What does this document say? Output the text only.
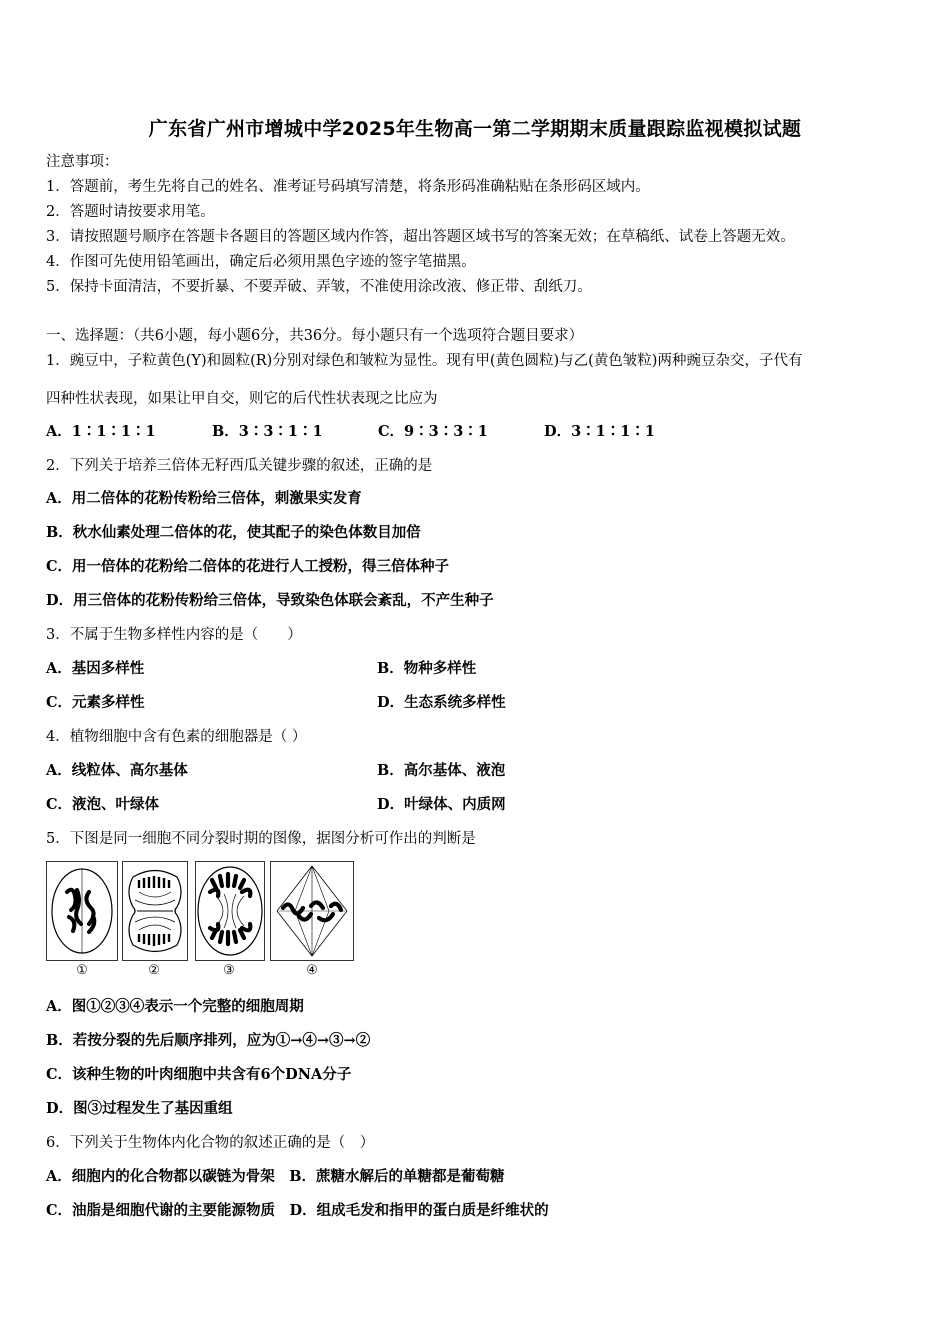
广东省广州市增城中学2025年生物高一第二学期期末质量跟踪监视模拟试题
注意事项：
1．答题前，考生先将自己的姓名、准考证号码填写清楚，将条形码准确粘贴在条形码区域内。
2．答题时请按要求用笔。
3．请按照题号顺序在答题卡各题目的答题区域内作答，超出答题区域书写的答案无效；在草稿纸、试卷上答题无效。
4．作图可先使用铅笔画出，确定后必须用黑色字迹的签字笔描黑。
5．保持卡面清洁，不要折暴、不要弄破、弄皱，不准使用涂改液、修正带、刮纸刀。
一、选择题：（共6小题，每小题6分，共36分。每小题只有一个选项符合题目要求）
1．豌豆中，子粒黄色(Y)和圆粒(R)分别对绿色和皱粒为显性。现有甲(黄色圆粒)与乙(黄色皱粒)两种豌豆杂交，子代有
四种性状表现，如果让甲自交，则它的后代性状表现之比应为
A．1∶1∶1∶1	B．3∶3∶1∶1	C．9∶3∶3∶1	D．3∶1∶1∶1
2．下列关于培养三倍体无籽西瓜关键步骤的叙述，正确的是
A．用二倍体的花粉传粉给三倍体，刺激果实发育
B．秋水仙素处理二倍体的花，使其配子的染色体数目加倍
C．用一倍体的花粉给二倍体的花进行人工授粉，得三倍体种子
D．用三倍体的花粉传粉给三倍体，导致染色体联会紊乱，不产生种子
3．不属于生物多样性内容的是（　　）
A．基因多样性	B．物种多样性
C．元素多样性	D．生态系统多样性
4．植物细胞中含有色素的细胞器是（ ）
A．线粒体、高尔基体	B．高尔基体、液泡
C．液泡、叶绿体	D．叶绿体、内质网
5．下图是同一细胞不同分裂时期的图像，据图分析可作出的判断是
①	②	③	④
A．图①②③④表示一个完整的细胞周期
B．若按分裂的先后顺序排列，应为①→④→③→②
C．该种生物的叶肉细胞中共含有6个DNA分子
D．图③过程发生了基因重组
6．下列关于生物体内化合物的叙述正确的是（　）
A．细胞内的化合物都以碳链为骨架　B．蔗糖水解后的单糖都是葡萄糖
C．油脂是细胞代谢的主要能源物质　D．组成毛发和指甲的蛋白质是纤维状的
